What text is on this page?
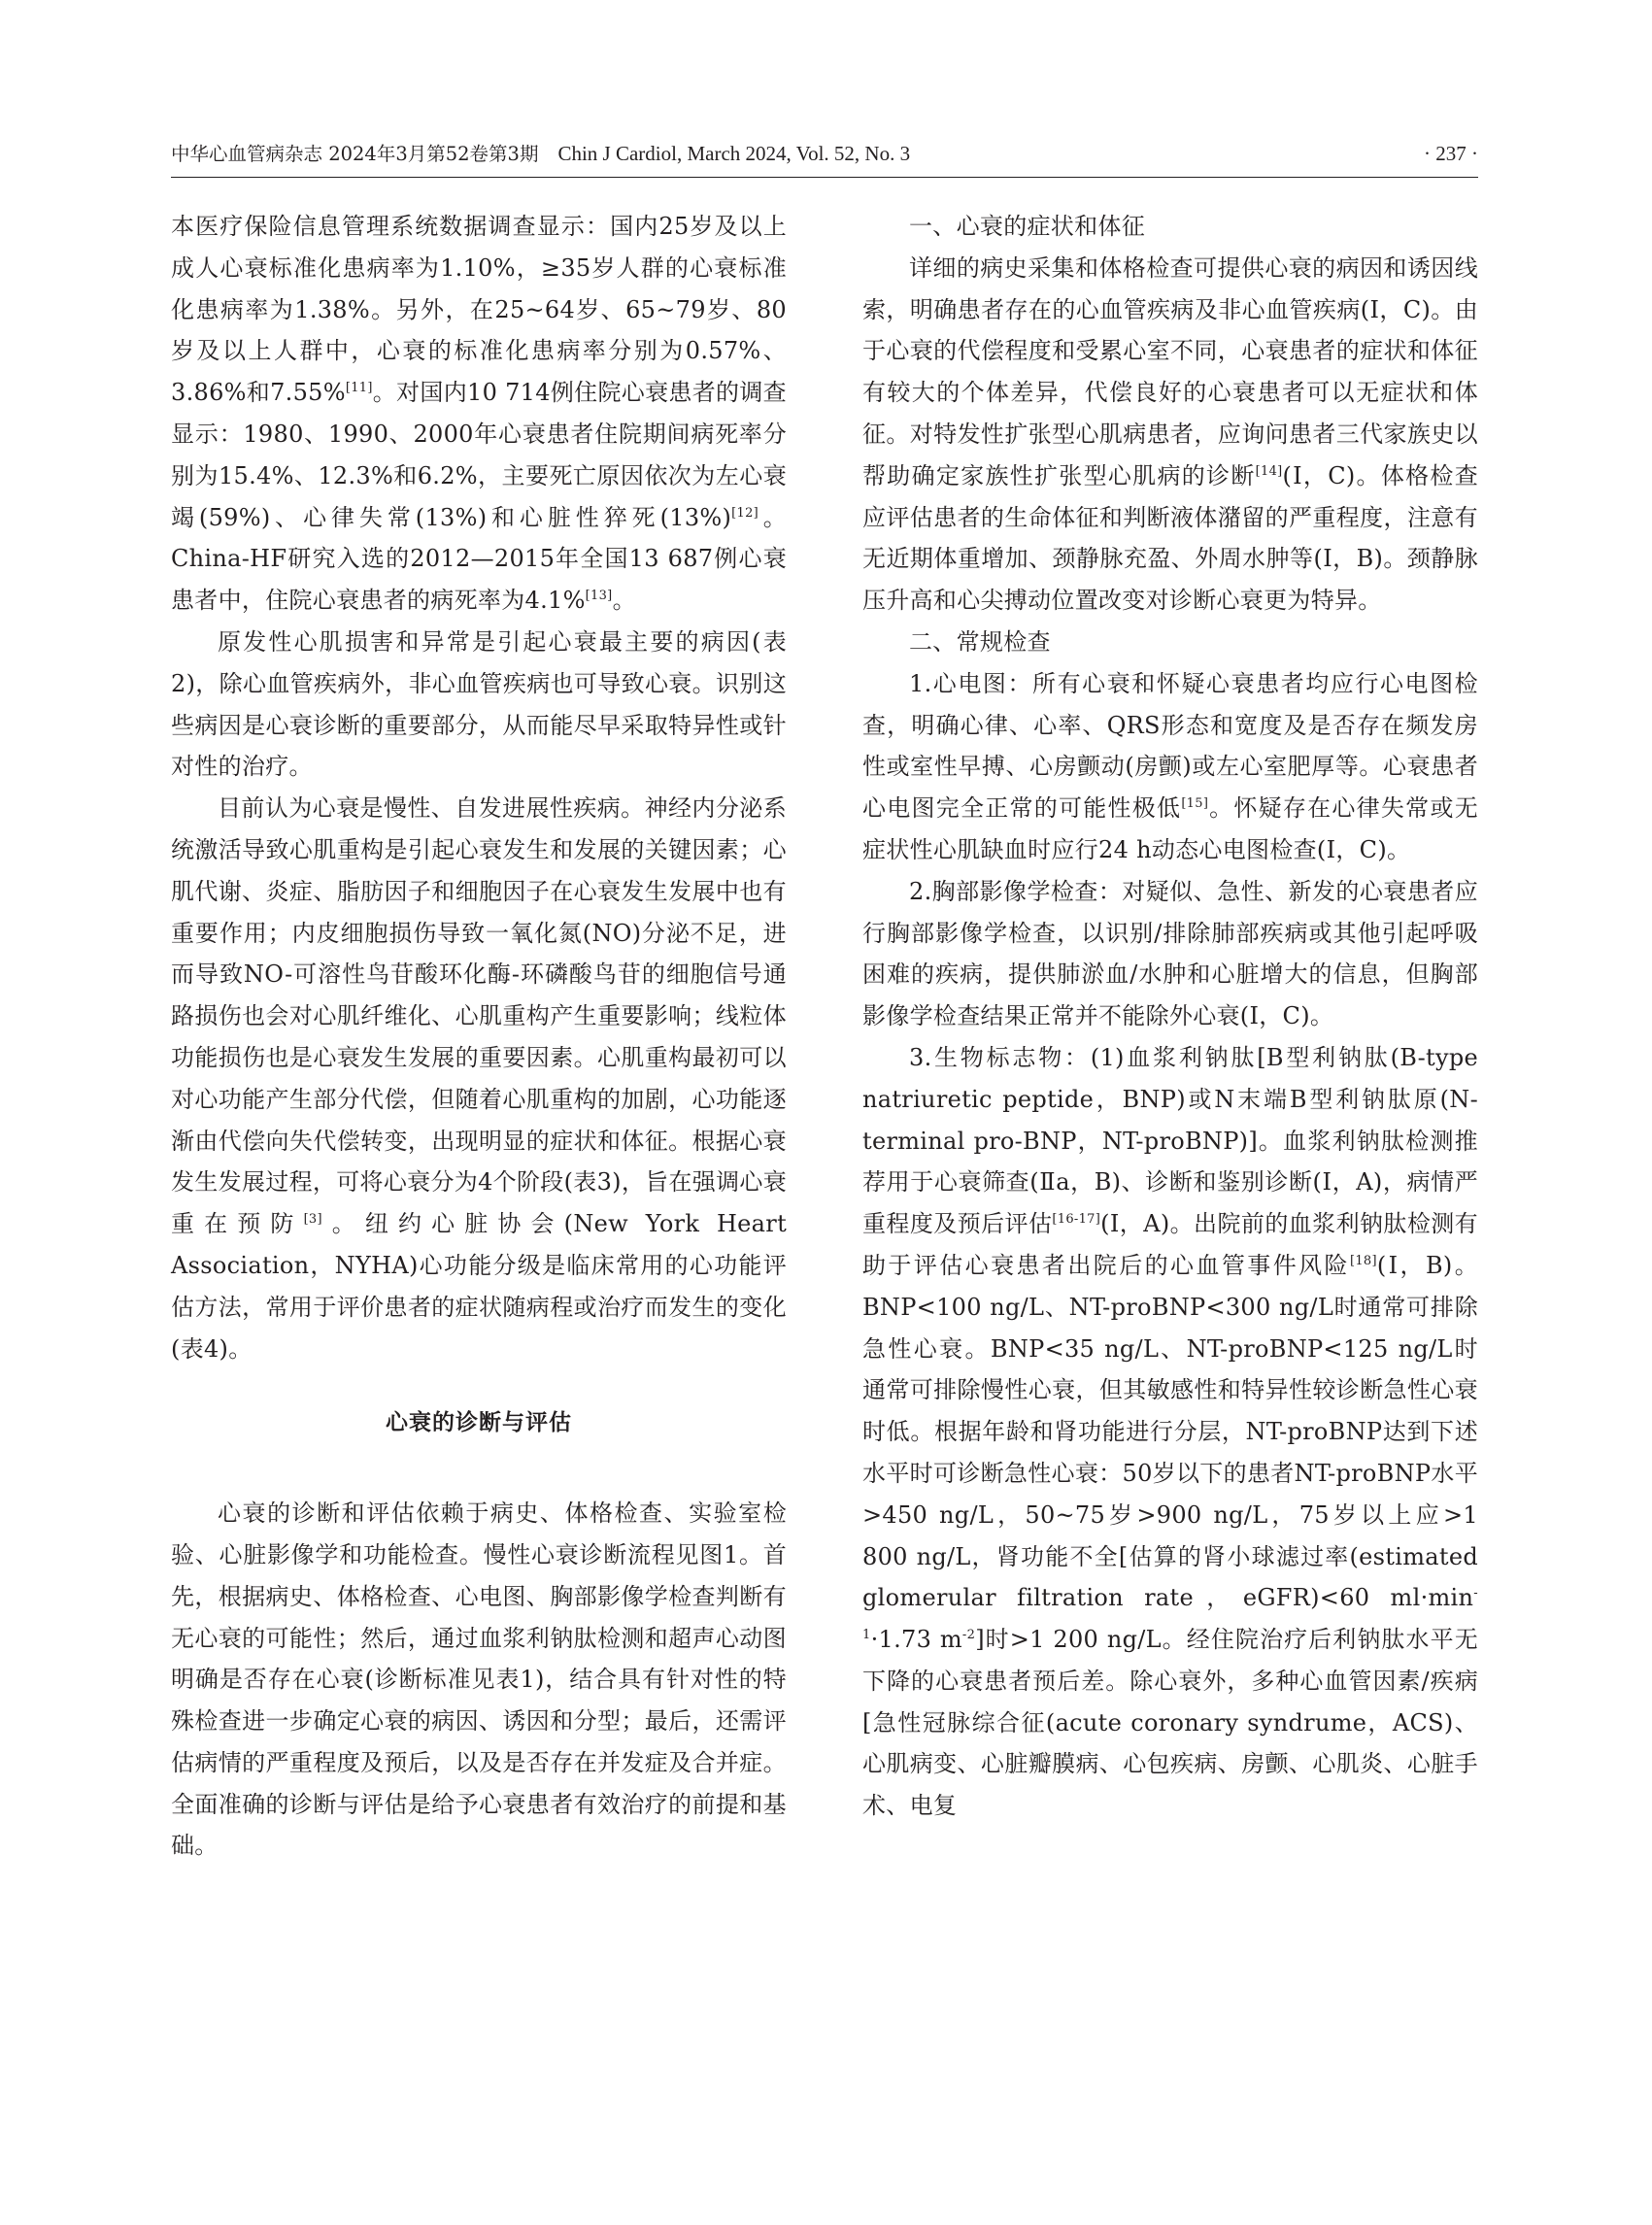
中华心血管病杂志 2024年3月第52卷第3期 Chin J Cardiol, March 2024, Vol. 52, No. 3	· 237 ·

本医疗保险信息管理系统数据调查显示：国内25岁及以上成人心衰标准化患病率为1.10%，≥35岁人群的心衰标准化患病率为1.38%。另外，在25~64岁、65~79岁、80岁及以上人群中，心衰的标准化患病率分别为0.57%、3.86%和7.55%[11]。对国内10 714例住院心衰患者的调查显示：1980、1990、2000年心衰患者住院期间病死率分别为15.4%、12.3%和6.2%，主要死亡原因依次为左心衰竭(59%)、心律失常(13%)和心脏性猝死(13%)[12]。China-HF研究入选的2012—2015年全国13 687例心衰患者中，住院心衰患者的病死率为4.1%[13]。

原发性心肌损害和异常是引起心衰最主要的病因(表2)，除心血管疾病外，非心血管疾病也可导致心衰。识别这些病因是心衰诊断的重要部分，从而能尽早采取特异性或针对性的治疗。

目前认为心衰是慢性、自发进展性疾病。神经内分泌系统激活导致心肌重构是引起心衰发生和发展的关键因素；心肌代谢、炎症、脂肪因子和细胞因子在心衰发生发展中也有重要作用；内皮细胞损伤导致一氧化氮(NO)分泌不足，进而导致NO-可溶性鸟苷酸环化酶-环磷酸鸟苷的细胞信号通路损伤也会对心肌纤维化、心肌重构产生重要影响；线粒体功能损伤也是心衰发生发展的重要因素。心肌重构最初可以对心功能产生部分代偿，但随着心肌重构的加剧，心功能逐渐由代偿向失代偿转变，出现明显的症状和体征。根据心衰发生发展过程，可将心衰分为4个阶段(表3)，旨在强调心衰重在预防[3]。纽约心脏协会(New York Heart Association，NYHA)心功能分级是临床常用的心功能评估方法，常用于评价患者的症状随病程或治疗而发生的变化(表4)。

心衰的诊断与评估

心衰的诊断和评估依赖于病史、体格检查、实验室检验、心脏影像学和功能检查。慢性心衰诊断流程见图1。首先，根据病史、体格检查、心电图、胸部影像学检查判断有无心衰的可能性；然后，通过血浆利钠肽检测和超声心动图明确是否存在心衰(诊断标准见表1)，结合具有针对性的特殊检查进一步确定心衰的病因、诱因和分型；最后，还需评估病情的严重程度及预后，以及是否存在并发症及合并症。全面准确的诊断与评估是给予心衰患者有效治疗的前提和基础。

一、心衰的症状和体征

详细的病史采集和体格检查可提供心衰的病因和诱因线索，明确患者存在的心血管疾病及非心血管疾病(Ⅰ，C)。由于心衰的代偿程度和受累心室不同，心衰患者的症状和体征有较大的个体差异，代偿良好的心衰患者可以无症状和体征。对特发性扩张型心肌病患者，应询问患者三代家族史以帮助确定家族性扩张型心肌病的诊断[14](Ⅰ，C)。体格检查应评估患者的生命体征和判断液体潴留的严重程度，注意有无近期体重增加、颈静脉充盈、外周水肿等(Ⅰ，B)。颈静脉压升高和心尖搏动位置改变对诊断心衰更为特异。

二、常规检查

1.心电图：所有心衰和怀疑心衰患者均应行心电图检查，明确心律、心率、QRS形态和宽度及是否存在频发房性或室性早搏、心房颤动(房颤)或左心室肥厚等。心衰患者心电图完全正常的可能性极低[15]。怀疑存在心律失常或无症状性心肌缺血时应行24 h动态心电图检查(Ⅰ，C)。

2.胸部影像学检查：对疑似、急性、新发的心衰患者应行胸部影像学检查，以识别/排除肺部疾病或其他引起呼吸困难的疾病，提供肺淤血/水肿和心脏增大的信息，但胸部影像学检查结果正常并不能除外心衰(Ⅰ，C)。

3.生物标志物：(1)血浆利钠肽[B型利钠肽(B-type natriuretic peptide，BNP)或N末端B型利钠肽原(N-terminal pro-BNP，NT-proBNP)]。血浆利钠肽检测推荐用于心衰筛查(Ⅱa，B)、诊断和鉴别诊断(Ⅰ，A)，病情严重程度及预后评估[16-17](Ⅰ，A)。出院前的血浆利钠肽检测有助于评估心衰患者出院后的心血管事件风险[18](Ⅰ，B)。BNP<100 ng/L、NT-proBNP<300 ng/L时通常可排除急性心衰。BNP<35 ng/L、NT-proBNP<125 ng/L时通常可排除慢性心衰，但其敏感性和特异性较诊断急性心衰时低。根据年龄和肾功能进行分层，NT-proBNP达到下述水平时可诊断急性心衰：50岁以下的患者NT-proBNP水平>450 ng/L，50~75岁>900 ng/L，75岁以上应>1 800 ng/L，肾功能不全[估算的肾小球滤过率(estimated glomerular filtration rate，eGFR)<60 $ml\cdot\min^{-1}\cdot 1.73$ $m^{-2}$]时>1 200 ng/L。经住院治疗后利钠肽水平无下降的心衰患者预后差。除心衰外，多种心血管因素/疾病[急性冠脉综合征(acute coronary syndrume，ACS)、心肌病变、心脏瓣膜病、心包疾病、房颤、心肌炎、心脏手术、电复
